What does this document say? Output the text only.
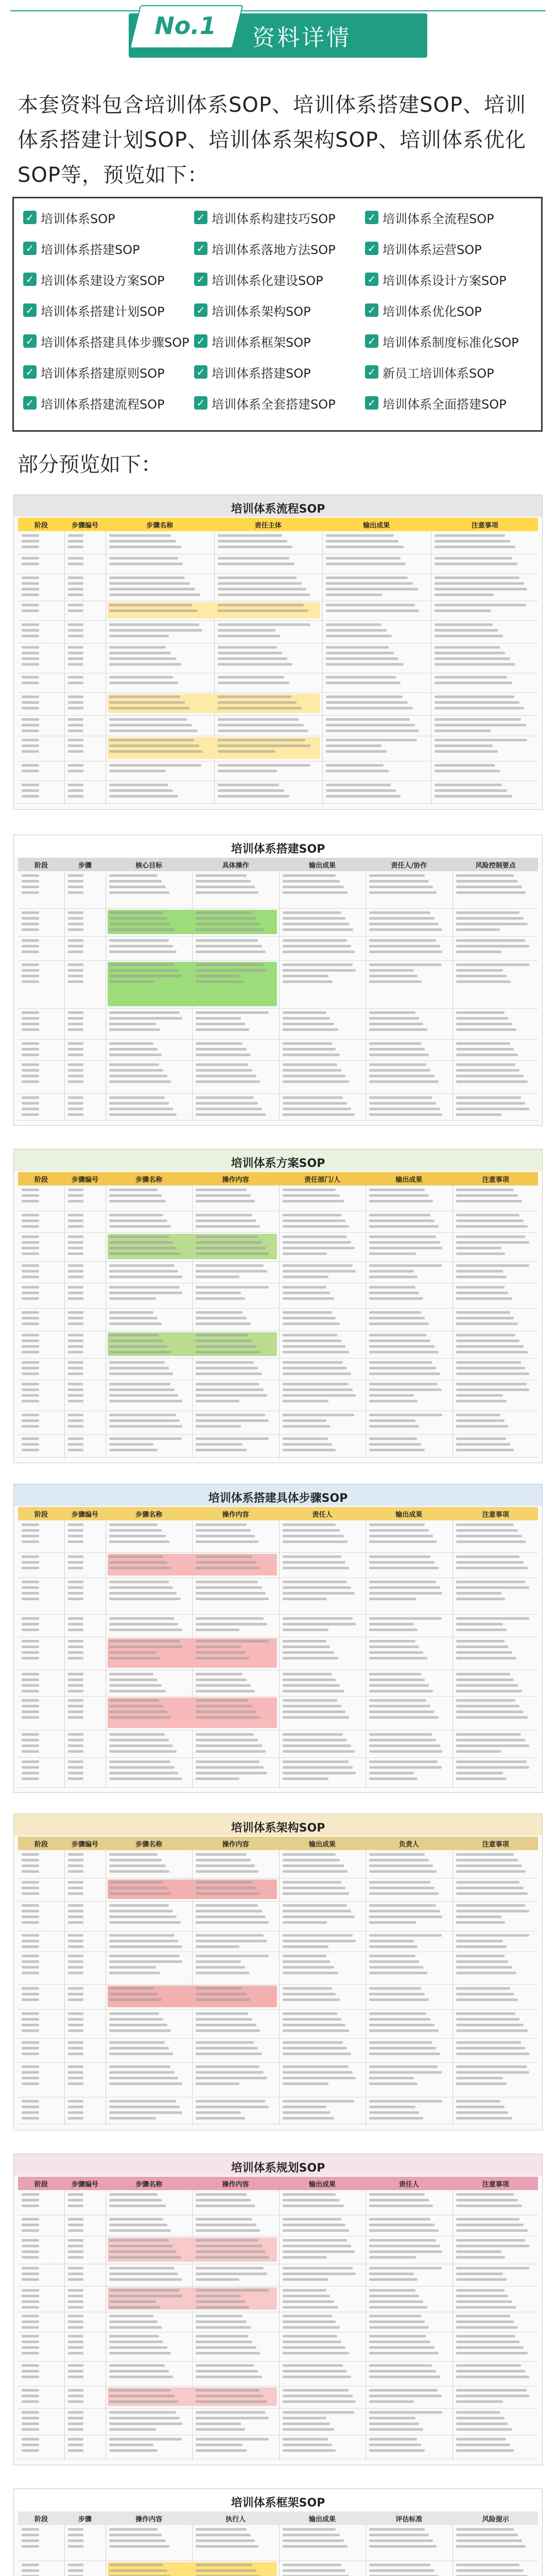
No.1	资料详情
本套资料包含培训体系SOP、培训体系搭建SOP、培训体系搭建计划SOP、培训体系架构SOP、培训体系优化SOP等，预览如下：
✓ 培训体系SOP	✓ 培训体系构建技巧SOP	✓ 培训体系全流程SOP
✓ 培训体系搭建SOP	✓ 培训体系落地方法SOP	✓ 培训体系运营SOP
✓ 培训体系建设方案SOP	✓ 培训体系化建设SOP	✓ 培训体系设计方案SOP
✓ 培训体系搭建计划SOP	✓ 培训体系架构SOP	✓ 培训体系优化SOP
✓ 培训体系搭建具体步骤SOP ✓ 培训体系框架SOP	✓ 培训体系制度标准化SOP
✓ 培训体系搭建原则SOP	✓ 培训体系搭建SOP	✓ 新员工培训体系SOP
✓ 培训体系搭建流程SOP	✓ 培训体系全套搭建SOP	✓ 培训体系全面搭建SOP
部分预览如下：
培训体系流程SOP
阶段	步骤编号	步骤名称	责任主体	输出成果	注意事项
培训体系搭建SOP
阶段	步骤	核心目标	具体操作	输出成果	责任人/协作	风险控制要点
培训体系方案SOP
阶段	步骤编号	步骤名称	操作内容	责任部门/人	输出成果	注意事项
培训体系搭建具体步骤SOP
阶段	步骤编号	步骤名称	操作内容	责任人	输出成果	注意事项
培训体系架构SOP
阶段	步骤编号	步骤名称	操作内容	输出成果	负责人	注意事项
培训体系规划SOP
阶段	步骤编号	步骤名称	操作内容	输出成果	责任人	注意事项
培训体系框架SOP
阶段	步骤	操作内容	执行人	输出成果	评估标准	风险提示
